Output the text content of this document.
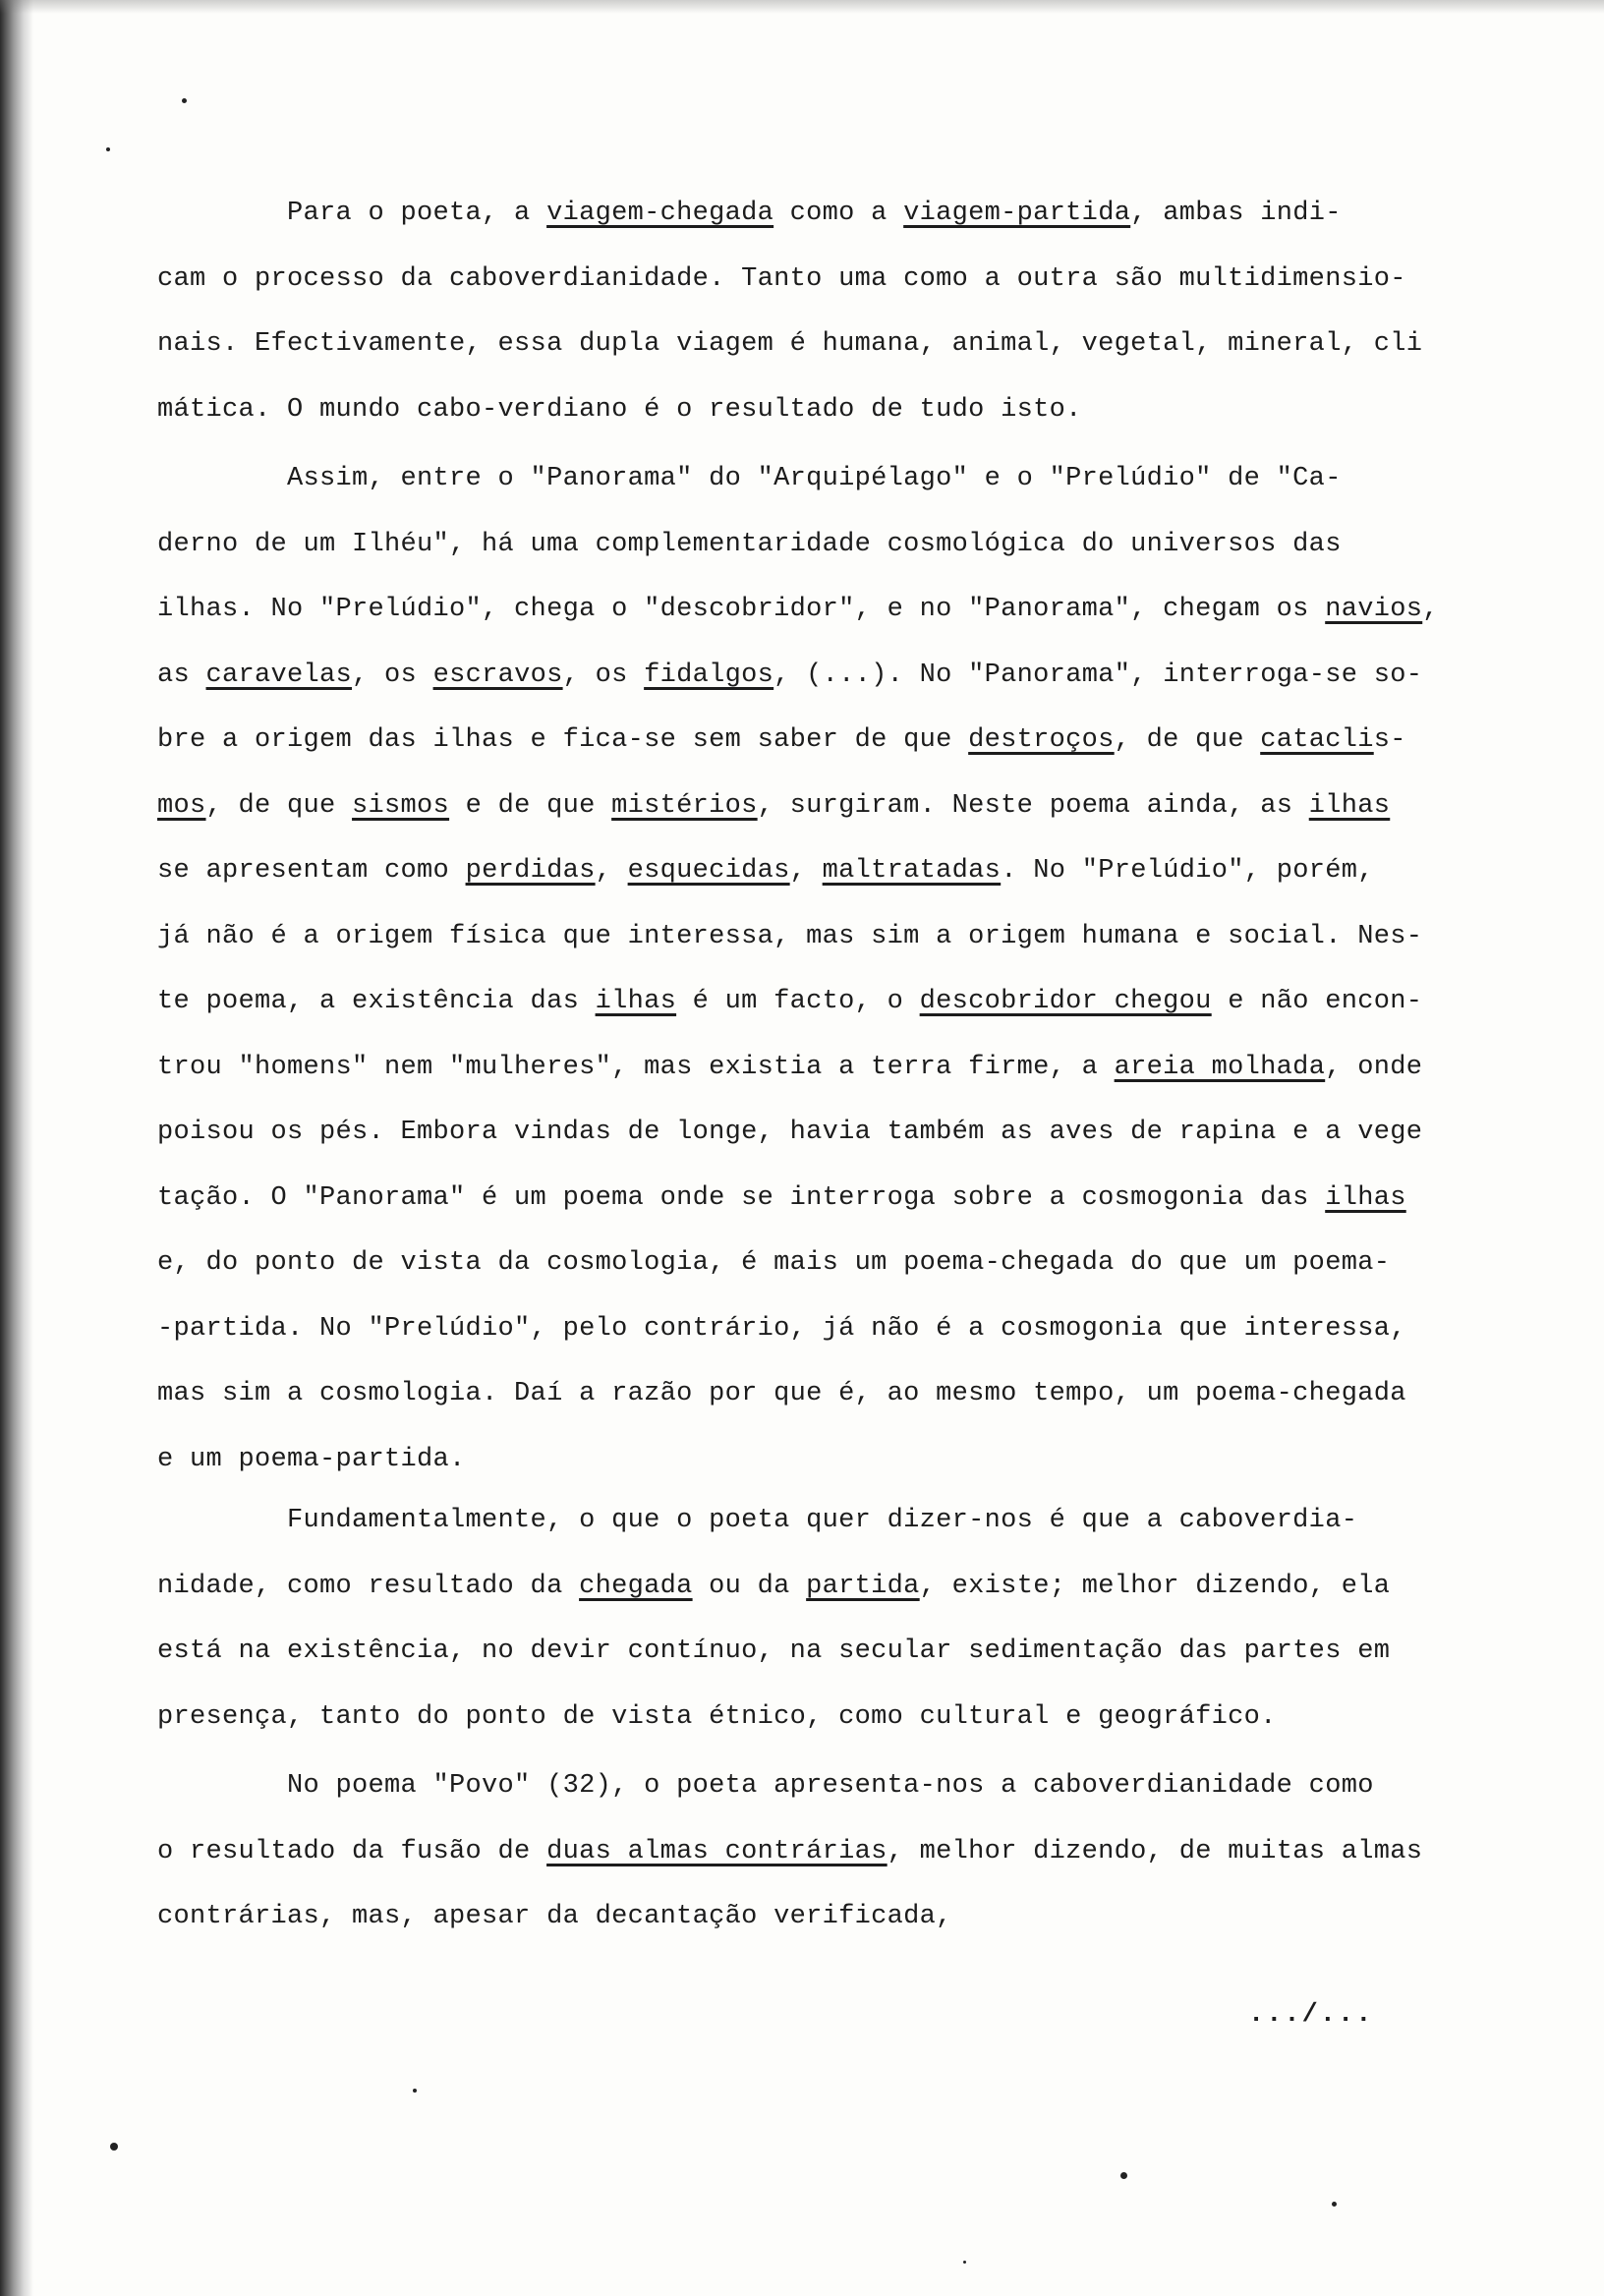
Para o poeta, a viagem-chegada como a viagem-partida, ambas indi-
cam o processo da caboverdianidade. Tanto uma como a outra são multidimensio-
nais. Efectivamente, essa dupla viagem é humana, animal, vegetal, mineral, cli
mática. O mundo cabo-verdiano é o resultado de tudo isto.
Assim, entre o "Panorama" do "Arquipélago" e o "Prelúdio" de "Ca-
derno de um Ilhéu", há uma complementaridade cosmológica do universos das
ilhas. No "Prelúdio", chega o "descobridor", e no "Panorama", chegam os navios,
as caravelas, os escravos, os fidalgos, (...). No "Panorama", interroga-se so-
bre a origem das ilhas e fica-se sem saber de que destroços, de que cataclis-
mos, de que sismos e de que mistérios, surgiram. Neste poema ainda, as ilhas
se apresentam como perdidas, esquecidas, maltratadas. No "Prelúdio", porém,
já não é a origem física que interessa, mas sim a origem humana e social. Nes-
te poema, a existência das ilhas é um facto, o descobridor chegou e não encon-
trou "homens" nem "mulheres", mas existia a terra firme, a areia molhada, onde
poisou os pés. Embora vindas de longe, havia também as aves de rapina e a vege
tação. O "Panorama" é um poema onde se interroga sobre a cosmogonia das ilhas
e, do ponto de vista da cosmologia, é mais um poema-chegada do que um poema-
-partida. No "Prelúdio", pelo contrário, já não é a cosmogonia que interessa,
mas sim a cosmologia. Daí a razão por que é, ao mesmo tempo, um poema-chegada
e um poema-partida.
Fundamentalmente, o que o poeta quer dizer-nos é que a caboverdia-
nidade, como resultado da chegada ou da partida, existe; melhor dizendo, ela
está na existência, no devir contínuo, na secular sedimentação das partes em
presença, tanto do ponto de vista étnico, como cultural e geográfico.
No poema "Povo" (32), o poeta apresenta-nos a caboverdianidade como
o resultado da fusão de duas almas contrárias, melhor dizendo, de muitas almas
contrárias, mas, apesar da decantação verificada,
.../...
